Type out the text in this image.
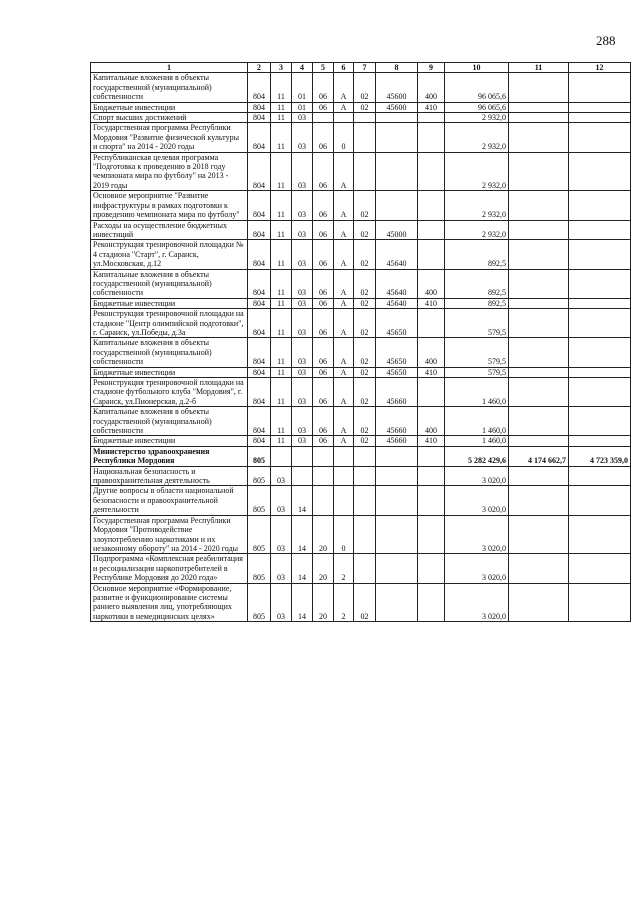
288
1	2	3	4	5	6	7	8	9	10	11	12
Капитальные вложения в объекты государственной (муниципальной) собственности	804	11	01	06	А	02	45600	400	96 065,6		
Бюджетные инвестиции	804	11	01	06	А	02	45600	410	96 065,6		
Спорт высших достижений	804	11	03						2 932,0		
Государственная программа Республики Мордовия "Развитие физической культуры и спорта" на 2014 - 2020 годы	804	11	03	06	0				2 932,0		
Республиканская целевая программа "Подготовка к проведению в 2018 году чемпионата мира по футболу" на 2013 - 2019 годы	804	11	03	06	А				2 932,0		
Основное мероприятие "Развитие инфраструктуры в рамках подготовки к проведению чемпионата мира по футболу"	804	11	03	06	А	02			2 932,0		
Расходы на осуществление бюджетных инвестиций	804	11	03	06	А	02	45000		2 932,0		
Реконструкция тренировочной площадки № 4 стадиона "Старт", г. Саранск, ул.Московская, д.12	804	11	03	06	А	02	45640		892,5		
Капитальные вложения в объекты государственной (муниципальной) собственности	804	11	03	06	А	02	45640	400	892,5		
Бюджетные инвестиции	804	11	03	06	А	02	45640	410	892,5		
Реконструкция тренировочной площадки на стадионе "Центр олимпийской подготовки", г. Саранск, ул.Победы, д.3а	804	11	03	06	А	02	45650		579,5		
Капитальные вложения в объекты государственной (муниципальной) собственности	804	11	03	06	А	02	45650	400	579,5		
Бюджетные инвестиции	804	11	03	06	А	02	45650	410	579,5		
Реконструкция тренировочной площадки на стадионе футбольного клуба "Мордовия", г. Саранск, ул.Пионерская, д.2-б	804	11	03	06	А	02	45660		1 460,0		
Капитальные вложения в объекты государственной (муниципальной) собственности	804	11	03	06	А	02	45660	400	1 460,0		
Бюджетные инвестиции	804	11	03	06	А	02	45660	410	1 460,0		
Министерство здравоохранения Республики Мордовия	805								5 282 429,6	4 174 662,7	4 723 359,0
Национальная безопасность и правоохранительная деятельность	805	03							3 020,0		
Другие вопросы в области национальной безопасности и правоохранительной деятельности	805	03	14						3 020,0		
Государственная программа Республики Мордовия "Противодействие злоупотреблению наркотиками и их незаконному обороту" на 2014 - 2020 годы	805	03	14	20	0				3 020,0		
Подпрограмма «Комплексная реабилитация и ресоциализация наркопотребителей в Республике Мордовия до 2020 года»	805	03	14	20	2				3 020,0		
Основное мероприятие «Формирование, развитие и функционирование системы раннего выявления лиц, употребляющих наркотики в немедицинских целях»	805	03	14	20	2	02			3 020,0		
